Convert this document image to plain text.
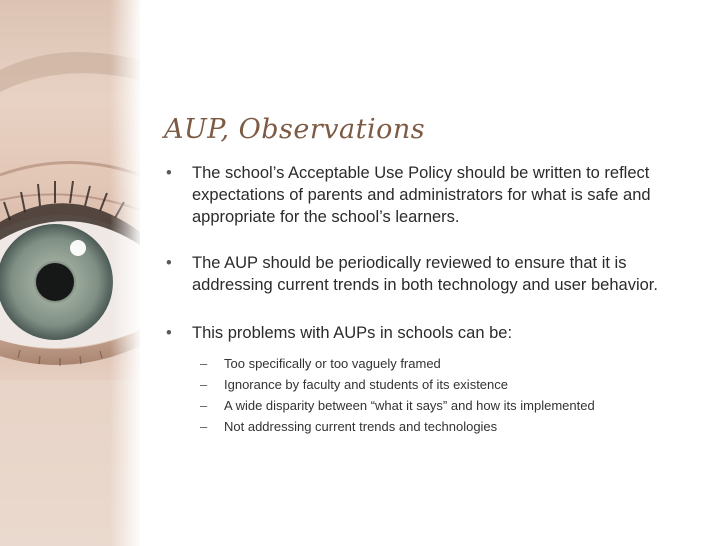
AUP, Observations
• The school’s Acceptable Use Policy should be written to reflect expectations of parents and administrators for what is safe and appropriate for the school’s learners.
• The AUP should be periodically reviewed to ensure that it is addressing current trends in both technology and user behavior.
• This problems with AUPs in schools can be:
– Too specifically or too vaguely framed
– Ignorance by faculty and students of its existence
– A wide disparity between “what it says” and how its implemented
– Not addressing current trends and technologies
